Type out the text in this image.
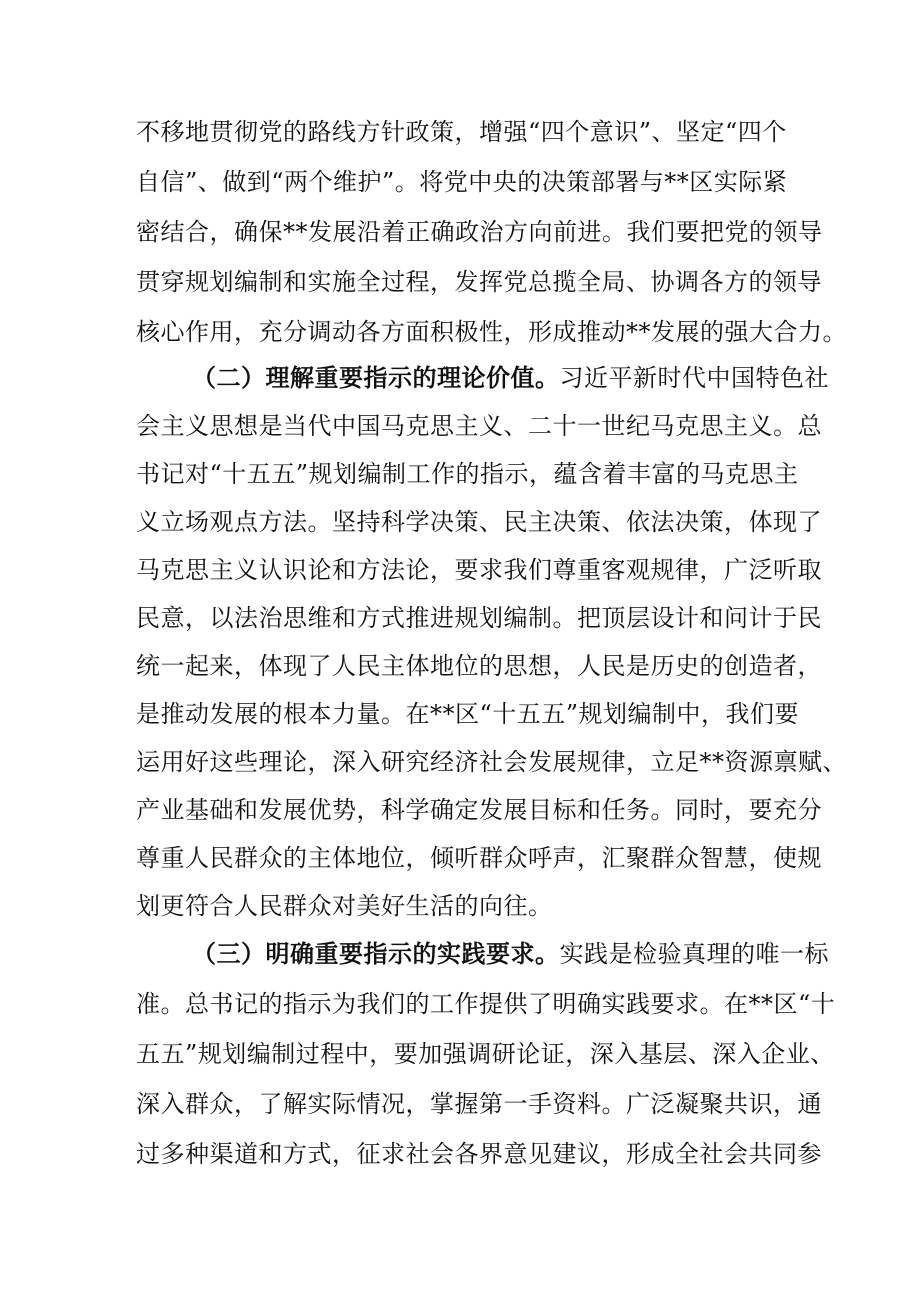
不移地贯彻党的路线方针政策，增强“四个意识”、坚定“四个
自信”、做到“两个维护”。将党中央的决策部署与**区实际紧
密结合，确保**发展沿着正确政治方向前进。我们要把党的领导
贯穿规划编制和实施全过程，发挥党总揽全局、协调各方的领导
核心作用，充分调动各方面积极性，形成推动**发展的强大合力。
（二）理解重要指示的理论价值。习近平新时代中国特色社
会主义思想是当代中国马克思主义、二十一世纪马克思主义。总
书记对“十五五”规划编制工作的指示，蕴含着丰富的马克思主
义立场观点方法。坚持科学决策、民主决策、依法决策，体现了
马克思主义认识论和方法论，要求我们尊重客观规律，广泛听取
民意，以法治思维和方式推进规划编制。把顶层设计和问计于民
统一起来，体现了人民主体地位的思想，人民是历史的创造者，
是推动发展的根本力量。在**区“十五五”规划编制中，我们要
运用好这些理论，深入研究经济社会发展规律，立足**资源禀赋、
产业基础和发展优势，科学确定发展目标和任务。同时，要充分
尊重人民群众的主体地位，倾听群众呼声，汇聚群众智慧，使规
划更符合人民群众对美好生活的向往。
（三）明确重要指示的实践要求。实践是检验真理的唯一标
准。总书记的指示为我们的工作提供了明确实践要求。在**区“十
五五”规划编制过程中，要加强调研论证，深入基层、深入企业、
深入群众，了解实际情况，掌握第一手资料。广泛凝聚共识，通
过多种渠道和方式，征求社会各界意见建议，形成全社会共同参
